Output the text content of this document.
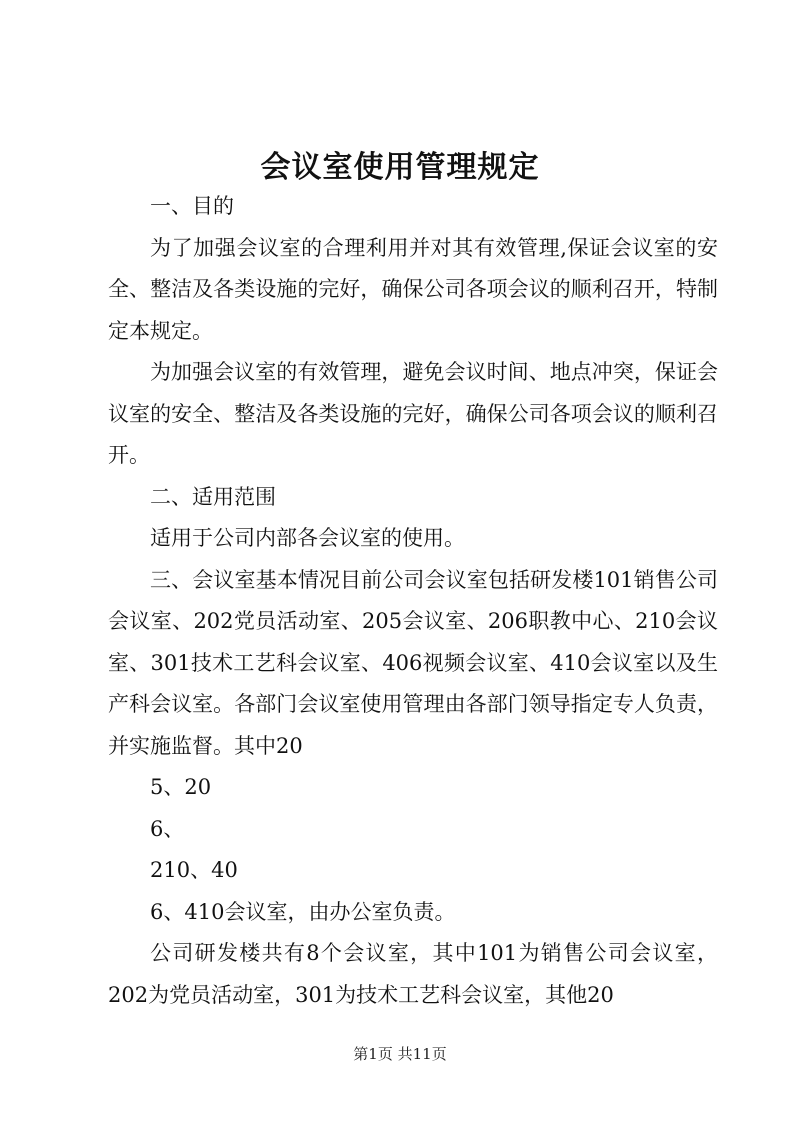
会议室使用管理规定

一、目的

为了加强会议室的合理利用并对其有效管理,保证会议室的安全、整洁及各类设施的完好，确保公司各项会议的顺利召开，特制定本规定。

为加强会议室的有效管理，避免会议时间、地点冲突，保证会议室的安全、整洁及各类设施的完好，确保公司各项会议的顺利召开。

二、适用范围

适用于公司内部各会议室的使用。

三、会议室基本情况目前公司会议室包括研发楼101销售公司会议室、202党员活动室、205会议室、206职教中心、210会议室、301技术工艺科会议室、406视频会议室、410会议室以及生产科会议室。各部门会议室使用管理由各部门领导指定专人负责，并实施监督。其中20

5、20

6、

210、40

6、410会议室，由办公室负责。

公司研发楼共有8个会议室，其中101为销售公司会议室，202为党员活动室，301为技术工艺科会议室，其他20

第1页 共11页
